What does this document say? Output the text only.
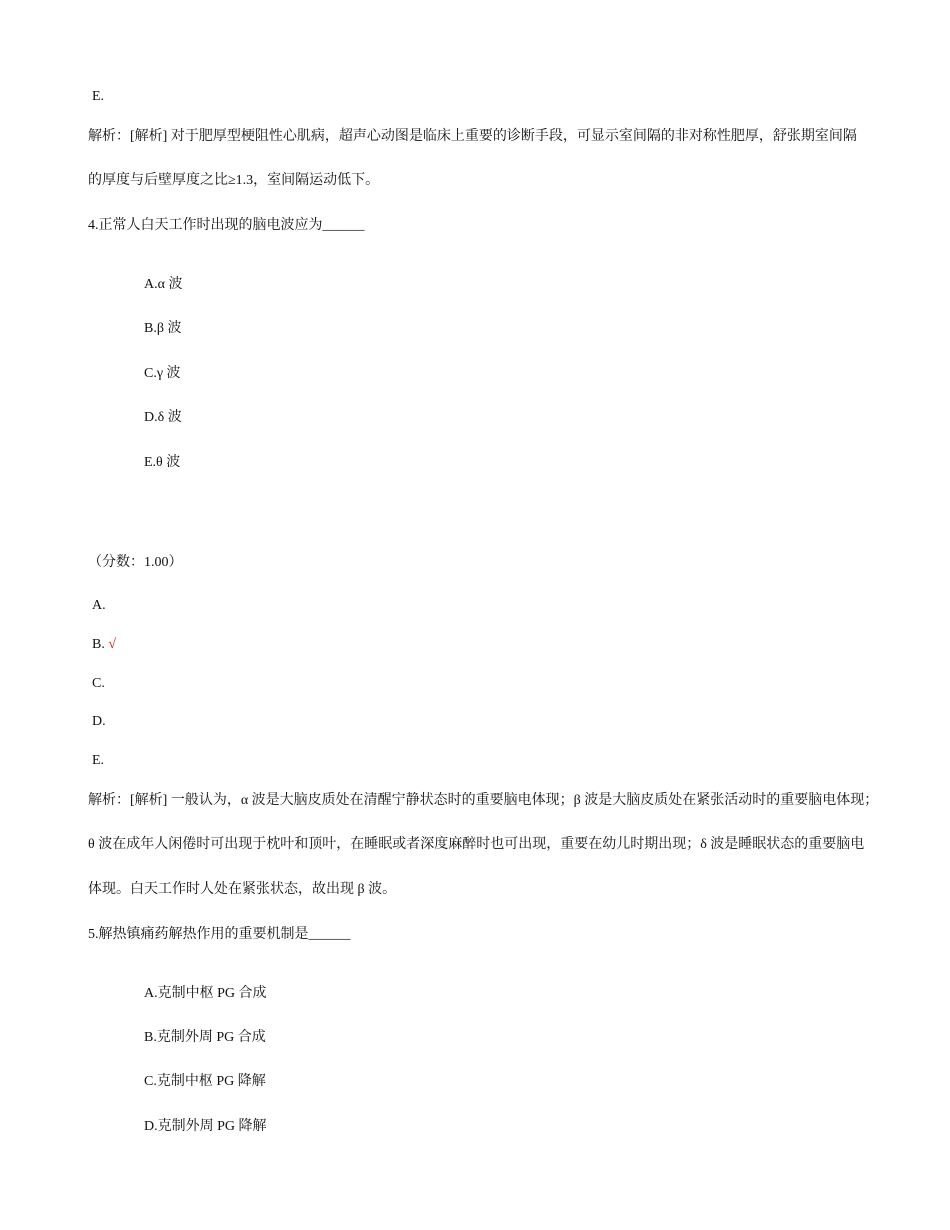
E.
解析：[解析] 对于肥厚型梗阻性心肌病，超声心动图是临床上重要的诊断手段，可显示室间隔的非对称性肥厚，舒张期室间隔
的厚度与后壁厚度之比≥1.3，室间隔运动低下。
4.正常人白天工作时出现的脑电波应为______
A.α 波
B.β 波
C.γ 波
D.δ 波
E.θ 波
（分数：1.00）
A.
B. √
C.
D.
E.
解析：[解析] 一般认为，α 波是大脑皮质处在清醒宁静状态时的重要脑电体现；β 波是大脑皮质处在紧张活动时的重要脑电体现；
θ 波在成年人闲倦时可出现于枕叶和顶叶，在睡眠或者深度麻醉时也可出现，重要在幼儿时期出现；δ 波是睡眠状态的重要脑电
体现。白天工作时人处在紧张状态，故出现 β 波。
5.解热镇痛药解热作用的重要机制是______
A.克制中枢 PG 合成
B.克制外周 PG 合成
C.克制中枢 PG 降解
D.克制外周 PG 降解
